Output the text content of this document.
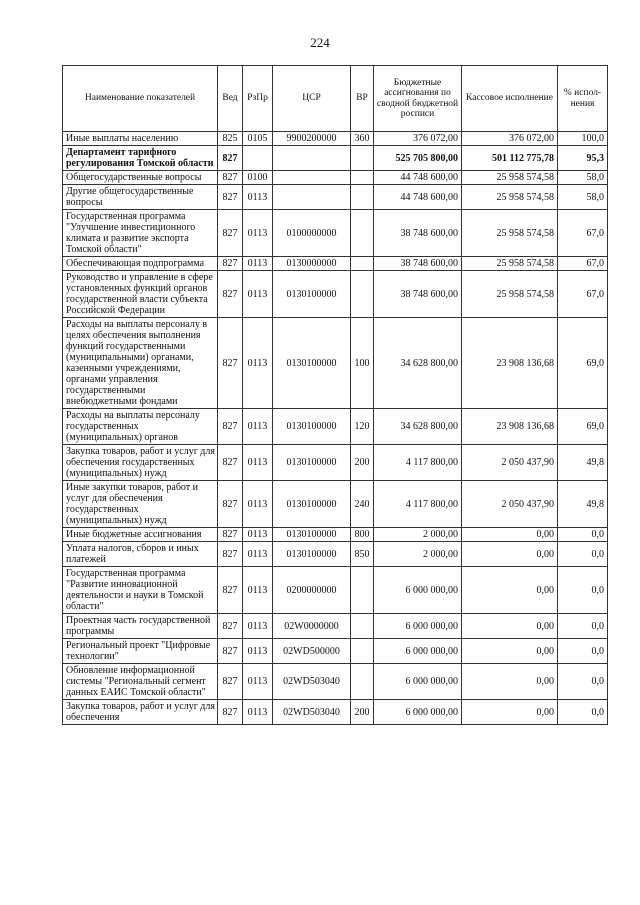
224
Наименование показателей	Вед	РзПр	ЦСР	ВР	Бюджетные ассигнования по сводной бюджетной росписи	Кассовое исполнение	% испол-нения
Иные выплаты населению	825	0105	9900200000	360	376 072,00	376 072,00	100,0
Департамент тарифного регулирования Томской области	827				525 705 800,00	501 112 775,78	95,3
Общегосударственные вопросы	827	0100			44 748 600,00	25 958 574,58	58,0
Другие общегосударственные вопросы	827	0113			44 748 600,00	25 958 574,58	58,0
Государственная программа "Улучшение инвестиционного климата и развитие экспорта Томской области"	827	0113	0100000000		38 748 600,00	25 958 574,58	67,0
Обеспечивающая подпрограмма	827	0113	0130000000		38 748 600,00	25 958 574,58	67,0
Руководство и управление в сфере установленных функций органов государственной власти субъекта Российской Федерации	827	0113	0130100000		38 748 600,00	25 958 574,58	67,0
Расходы на выплаты персоналу в целях обеспечения выполнения функций государственными (муниципальными) органами, казенными учреждениями, органами управления государственными внебюджетными фондами	827	0113	0130100000	100	34 628 800,00	23 908 136,68	69,0
Расходы на выплаты персоналу государственных (муниципальных) органов	827	0113	0130100000	120	34 628 800,00	23 908 136,68	69,0
Закупка товаров, работ и услуг для обеспечения государственных (муниципальных) нужд	827	0113	0130100000	200	4 117 800,00	2 050 437,90	49,8
Иные закупки товаров, работ и услуг для обеспечения государственных (муниципальных) нужд	827	0113	0130100000	240	4 117 800,00	2 050 437,90	49,8
Иные бюджетные ассигнования	827	0113	0130100000	800	2 000,00	0,00	0,0
Уплата налогов, сборов и иных платежей	827	0113	0130100000	850	2 000,00	0,00	0,0
Государственная программа "Развитие инновационной деятельности и науки в Томской области"	827	0113	0200000000		6 000 000,00	0,00	0,0
Проектная часть государственной программы	827	0113	02W0000000		6 000 000,00	0,00	0,0
Региональный проект "Цифровые технологии"	827	0113	02WD500000		6 000 000,00	0,00	0,0
Обновление информационной системы "Региональный сегмент данных ЕАИС Томской области"	827	0113	02WD503040		6 000 000,00	0,00	0,0
Закупка товаров, работ и услуг для обеспечения	827	0113	02WD503040	200	6 000 000,00	0,00	0,0
